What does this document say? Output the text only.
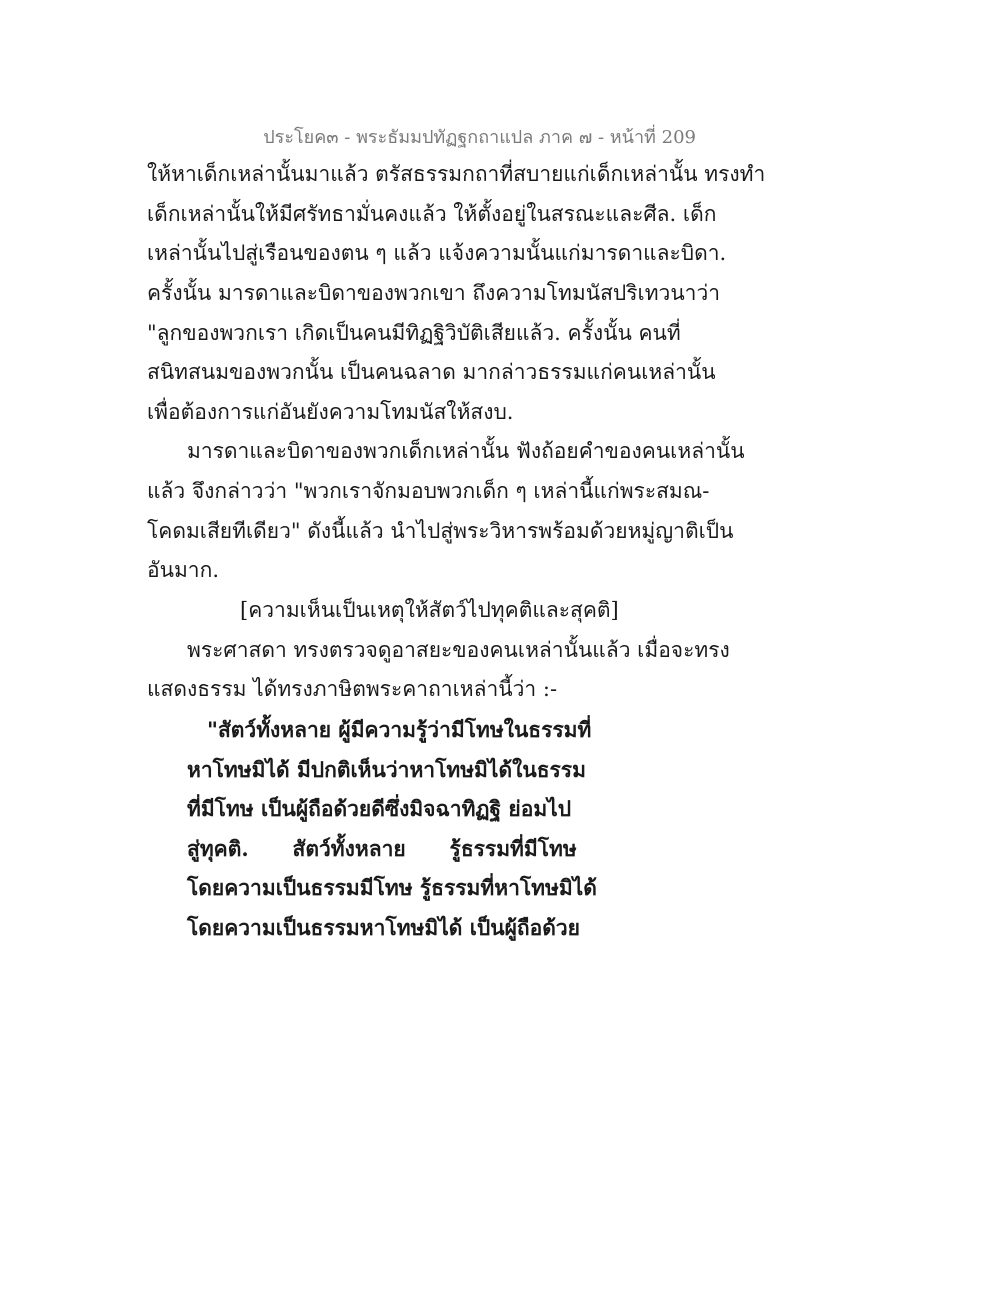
ประโยค๓ - พระธัมมปทัฏฐกถาแปล ภาค ๗ - หน้าที่ 209
ให้หาเด็กเหล่านั้นมาแล้ว ตรัสธรรมกถาที่สบายแก่เด็กเหล่านั้น ทรงทำ
เด็กเหล่านั้นให้มีศรัทธามั่นคงแล้ว ให้ตั้งอยู่ในสรณะและศีล. เด็ก
เหล่านั้นไปสู่เรือนของตน ๆ แล้ว แจ้งความนั้นแก่มารดาและบิดา.
ครั้งนั้น มารดาและบิดาของพวกเขา ถึงความโทมนัสปริเทวนาว่า
"ลูกของพวกเรา เกิดเป็นคนมีทิฏฐิวิบัติเสียแล้ว. ครั้งนั้น คนที่
สนิทสนมของพวกนั้น เป็นคนฉลาด มากล่าวธรรมแก่คนเหล่านั้น
เพื่อต้องการแก่อันยังความโทมนัสให้สงบ.
มารดาและบิดาของพวกเด็กเหล่านั้น ฟังถ้อยคำของคนเหล่านั้น
แล้ว จึงกล่าวว่า "พวกเราจักมอบพวกเด็ก ๆ เหล่านี้แก่พระสมณ-
โคดมเสียทีเดียว" ดังนี้แล้ว นำไปสู่พระวิหารพร้อมด้วยหมู่ญาติเป็น
อันมาก.
[ความเห็นเป็นเหตุให้สัตว์ไปทุคติและสุคติ]
พระศาสดา ทรงตรวจดูอาสยะของคนเหล่านั้นแล้ว เมื่อจะทรง
แสดงธรรม ได้ทรงภาษิตพระคาถาเหล่านี้ว่า :-
"สัตว์ทั้งหลาย ผู้มีความรู้ว่ามีโทษในธรรมที่
หาโทษมิได้ มีปกติเห็นว่าหาโทษมิได้ในธรรม
ที่มีโทษ เป็นผู้ถือด้วยดีซึ่งมิจฉาทิฏฐิ ย่อมไป
สู่ทุคติ.      สัตว์ทั้งหลาย      รู้ธรรมที่มีโทษ
โดยความเป็นธรรมมีโทษ รู้ธรรมที่หาโทษมิได้
โดยความเป็นธรรมหาโทษมิได้ เป็นผู้ถือด้วย
